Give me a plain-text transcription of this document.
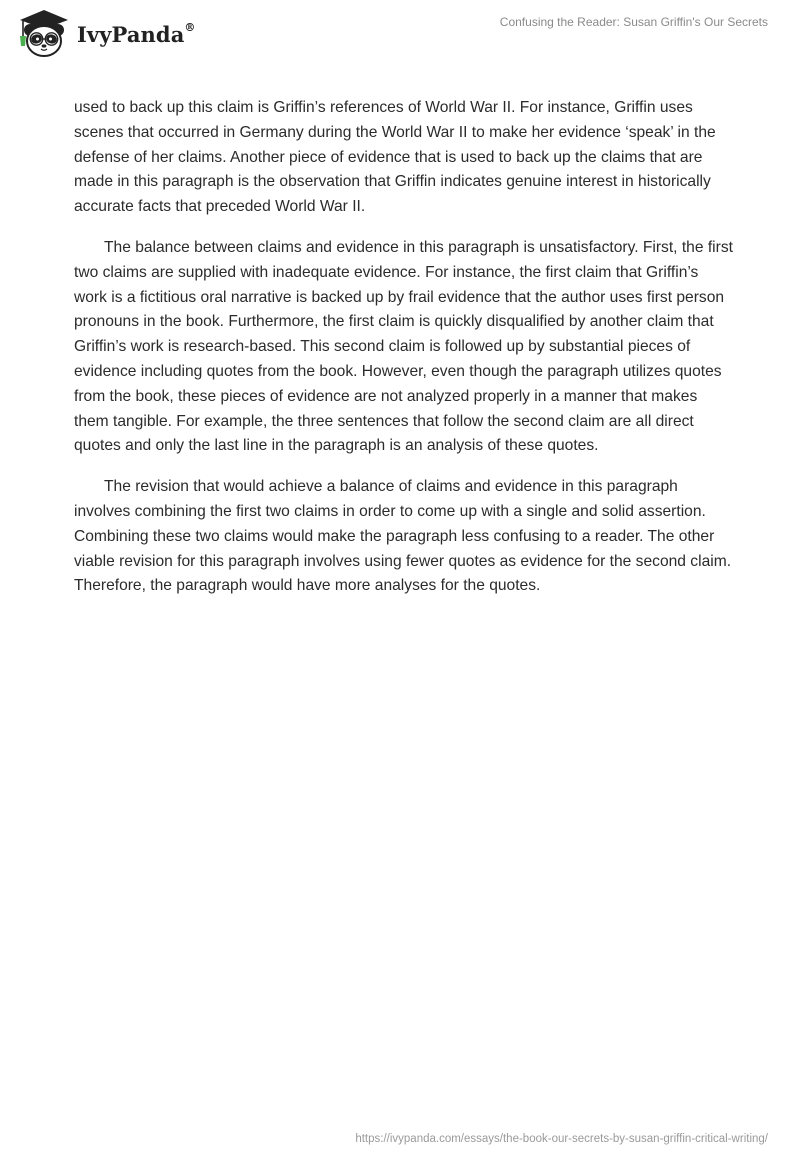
IvyPanda®	Confusing the Reader: Susan Griffin's Our Secrets

used to back up this claim is Griffin’s references of World War II. For instance, Griffin uses scenes that occurred in Germany during the World War II to make her evidence ‘speak’ in the defense of her claims. Another piece of evidence that is used to back up the claims that are made in this paragraph is the observation that Griffin indicates genuine interest in historically accurate facts that preceded World War II.

The balance between claims and evidence in this paragraph is unsatisfactory. First, the first two claims are supplied with inadequate evidence. For instance, the first claim that Griffin’s work is a fictitious oral narrative is backed up by frail evidence that the author uses first person pronouns in the book. Furthermore, the first claim is quickly disqualified by another claim that Griffin’s work is research-based. This second claim is followed up by substantial pieces of evidence including quotes from the book. However, even though the paragraph utilizes quotes from the book, these pieces of evidence are not analyzed properly in a manner that makes them tangible. For example, the three sentences that follow the second claim are all direct quotes and only the last line in the paragraph is an analysis of these quotes.

The revision that would achieve a balance of claims and evidence in this paragraph involves combining the first two claims in order to come up with a single and solid assertion. Combining these two claims would make the paragraph less confusing to a reader. The other viable revision for this paragraph involves using fewer quotes as evidence for the second claim. Therefore, the paragraph would have more analyses for the quotes.

https://ivypanda.com/essays/the-book-our-secrets-by-susan-griffin-critical-writing/
